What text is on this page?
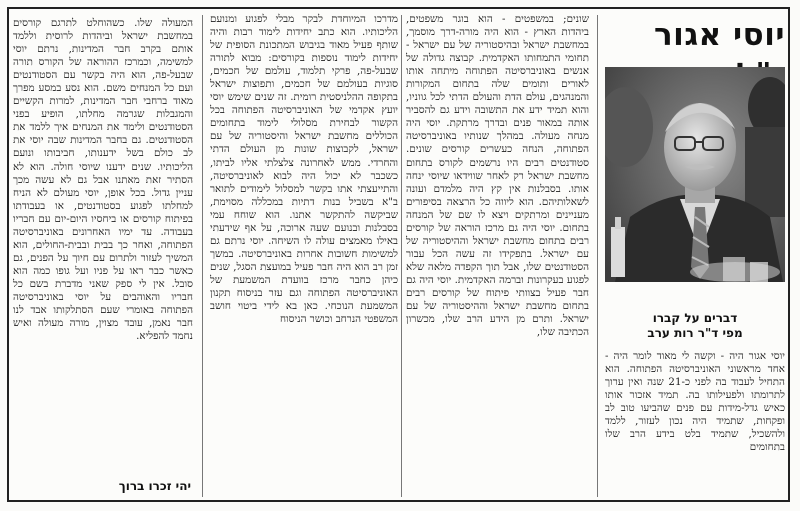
המעולה שלו. כשהוחלט לתרגם קורסים במחשבת ישראל וביהדות לרוסית וללמד אותם בקרב חבר המדינות, נרתם יוסי למשימה, וכמרכז ההוראה של הקורס תורה שבעל-פה, הוא היה בקשר עם הסטודנטים ועם כל המנחים משם. הוא נסע במסע מפרך מאוד ברחבי חבר המדינות, למרות הקשיים והמגבלות שגרמה מחלתו, הופיע בפני הסטודנטים ולימד את המנחים איך ללמד את הסטודנטים. גם בחבר המדינות שבה יוסי את לב כולם בשל ידענותו, חביבותו ונועם הליכותיו. שנים ידענו שיוסי חולה. הוא לא הסתיר זאת מאתנו אבל גם לא עשה מכך עניין גדול. בכל אופן, יוסי מעולם לא הניח למחלתו לפגוע בסטודנטים, או בעבודתו בפיתוח קורסים או ביחסיו היום-יום עם חבריו בעבודה. עד ימיו האחרונים באוניברסיטה הפתוחה, ואחר כך בבית ובבית-החולים, הוא המשיך לעזור ולתרום עם חיוך על הפנים, גם כאשר כבר ראו על פניו ועל גופו כמה הוא סובל. אין לי ספק שאני מדברת בשם כל חבריו והאוהבים על יוסי באוניברסיטה הפתוחה באומרי שעם הסתלקותו אבד לנו חבר נאמן, עובד מצוין, מורה מעולה ואיש נחמד להפליא.

יהי זכרו ברוך

מדרכו המיוחדת לבקר מבלי לפגוע ומנועם הליכותיו. הוא כתב יחידות לימוד רבות והיה שותף פעיל מאוד בגיבוש המתכונת הסופית של יחידות לימוד נוספות בקורסים: מבוא לתורה שבעל-פה, פרקי תלמוד, עולמם של חכמים, סוגיות בעולמם של חכמים, ותפוצות ישראל בתקופה ההלניסטית רומית. זה שנים שימש יוסי יועץ אקדמי של האוניברסיטה הפתוחה בכל הקשור לבחירת מסלולי לימוד בתחומים הכוללים מחשבת ישראל והיסטוריה של עם ישראל, לקבוצות שונות מן העולם הדתי והחרדי. ממש לאחרונה צלצלתי אליו לביתו, כשכבר לא יכול היה לבוא לאוניברסיטה, והתייעצתי אתו בקשר למסלול לימודים לתואר ב"א בשביל בנות דתיות במכללה מסוימת, שביקשה להתקשר אתנו. הוא שוחח עמי בסבלנות ובנועם שעה ארוכה, על אף שידעתי באילו מאמצים עולה לו השיחה. יוסי נרתם גם למשימות חשובות אחרות באוניברסיטה. במשך זמן רב הוא היה חבר פעיל במועצת הסגל, שנים כיהן כחבר מרכז בוועדת המשמעת של האוניברסיטה הפתוחה וגם עזר בניסוח תקנון המשמעת הנוכחי. כאן בא לידי ביטוי חושב המשפטי הנרחב וכושר הניסוח

שונים; במשפטים - הוא בוגר משפטים, ביהדות הארץ - הוא היה מורה-דרך מוסמך, במחשבת ישראל ובהיסטוריה של עם ישראל - תחומי התמחותו האקדמית. קבוצה גדולה של אנשים באוניברסיטה הפתוחה מיתחה אותו לאורים ותומים שלה בתחום המקורות והמנהגים, עולם הדת והעולם הדתי לכל גווניו, והוא תמיד ידע את התשובה וידע גם להסביר אותה במאור פנים ובדרך מרתקת. יוסי היה מנחה מעולה. במהלך שנותיו באוניברסיטה הפתוחה, הנחה כעשרים קורסים שונים. סטודנטים רבים היו נרשמים לקורס בתחום מחשבת ישראל רק לאחר שווידאו שיוסי ינחה אותו. בסבלנות אין קץ היה מלמדם ועונה לשאלותיהם. הוא ליווה כל הרצאה בסיפורים מעניינים ומרתקים ויצא לו שם של המנחה בתחום. יוסי היה גם מרכז הוראה של קורסים רבים בתחום מחשבת ישראל וההיסטוריה של עם ישראל. בתפקידו זה עשה הכל עבור הסטודנטים שלו, אבל תוך הקפדה מלאה שלא לפגוע בעקרונות וברמה האקדמית. יוסי היה גם חבר פעיל בצוותי פיתוח של קורסים רבים בתחום מחשבת ישראל וההיסטוריה של עם ישראל. ותרם מן הידע הרב שלו, מכשרון הכתיבה שלו,

יוסי אגור
דברים על קברו
מפי ד"ר רות ערב
יוסי אגור היה - וקשה לי מאוד לומר היה - אחד מראשוני האוניברסיטה הפתוחה. הוא התחיל לעבוד בה לפני כ-21 שנה ואין ערוך לתרומתו ולפעילותו בה. תמיד אזכור אותו כאיש גדל-מידות עם פנים שהביעו טוב לב ופקחות, שתמיד היה נכון לעזור, ללמד ולהשכיל, שתמיד בלט בידע הרב שלו בתחומים
